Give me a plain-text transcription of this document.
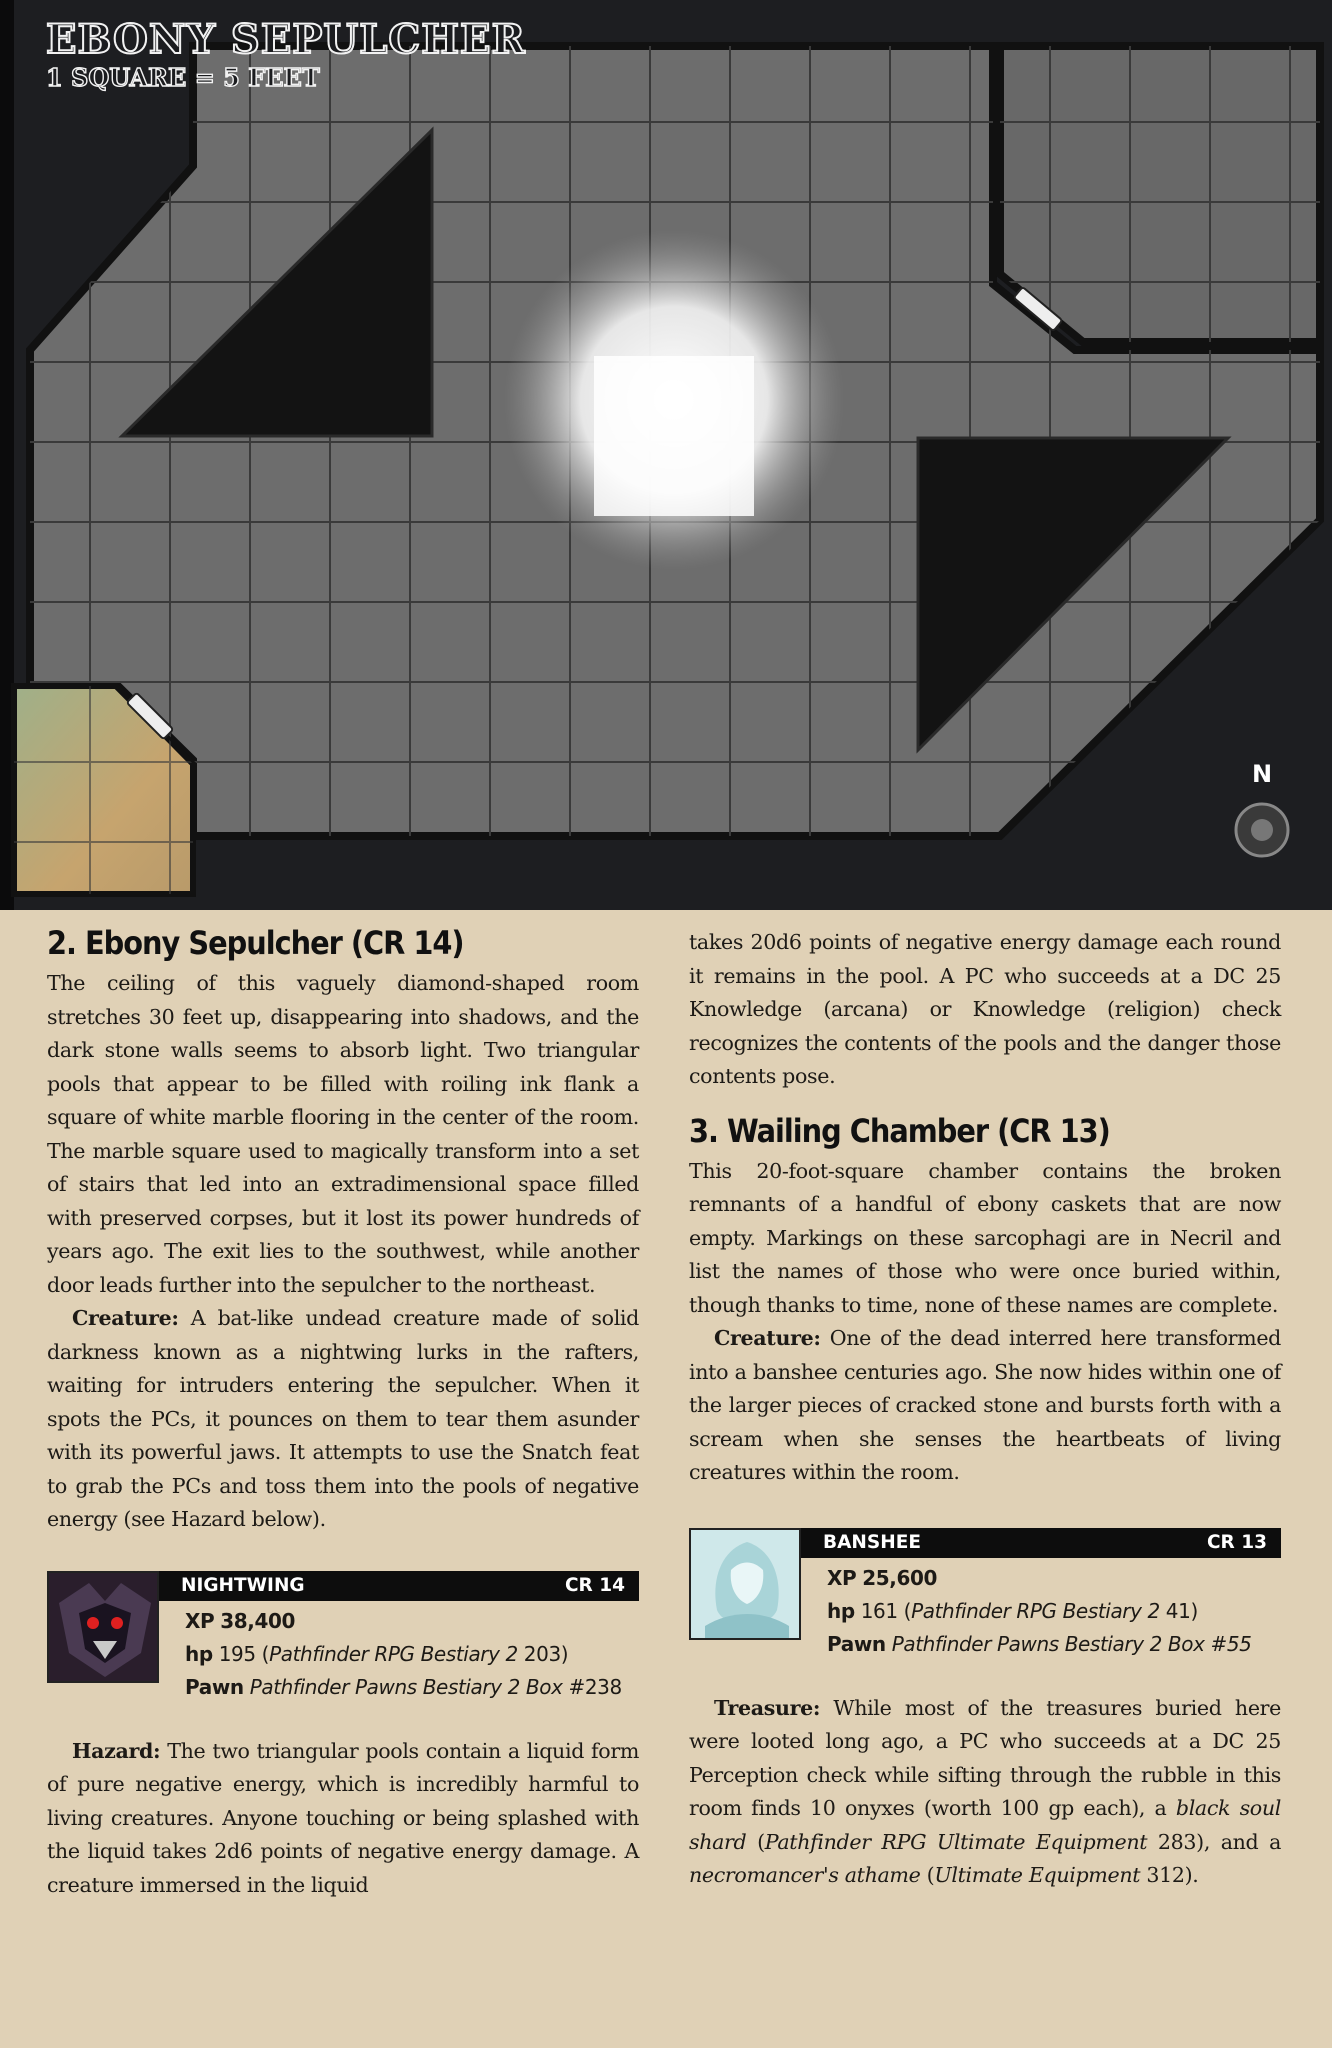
EBONY SEPULCHER
1 SQUARE = 5 FEET
N
2. Ebony Sepulcher (CR 14)

The ceiling of this vaguely diamond-shaped room stretches 30 feet up, disappearing into shadows, and the dark stone walls seems to absorb light. Two triangular pools that appear to be filled with roiling ink flank a square of white marble flooring in the center of the room. The marble square used to magically transform into a set of stairs that led into an extradimensional space filled with preserved corpses, but it lost its power hundreds of years ago. The exit lies to the southwest, while another door leads further into the sepulcher to the northeast.

Creature: A bat-like undead creature made of solid darkness known as a nightwing lurks in the rafters, waiting for intruders entering the sepulcher. When it spots the PCs, it pounces on them to tear them asunder with its powerful jaws. It attempts to use the Snatch feat to grab the PCs and toss them into the pools of negative energy (see Hazard below).

NIGHTWING	CR 14
XP 38,400
hp 195 (Pathfinder RPG Bestiary 2 203)
Pawn Pathfinder Pawns Bestiary 2 Box #238

Hazard: The two triangular pools contain a liquid form of pure negative energy, which is incredibly harmful to living creatures. Anyone touching or being splashed with the liquid takes 2d6 points of negative energy damage. A creature immersed in the liquid

takes 20d6 points of negative energy damage each round it remains in the pool. A PC who succeeds at a DC 25 Knowledge (arcana) or Knowledge (religion) check recognizes the contents of the pools and the danger those contents pose.

3. Wailing Chamber (CR 13)

This 20-foot-square chamber contains the broken remnants of a handful of ebony caskets that are now empty. Markings on these sarcophagi are in Necril and list the names of those who were once buried within, though thanks to time, none of these names are complete.

Creature: One of the dead interred here transformed into a banshee centuries ago. She now hides within one of the larger pieces of cracked stone and bursts forth with a scream when she senses the heartbeats of living creatures within the room.

BANSHEE	CR 13
XP 25,600
hp 161 (Pathfinder RPG Bestiary 2 41)
Pawn Pathfinder Pawns Bestiary 2 Box #55

Treasure: While most of the treasures buried here were looted long ago, a PC who succeeds at a DC 25 Perception check while sifting through the rubble in this room finds 10 onyxes (worth 100 gp each), a black soul shard (Pathfinder RPG Ultimate Equipment 283), and a necromancer's athame (Ultimate Equipment 312).
